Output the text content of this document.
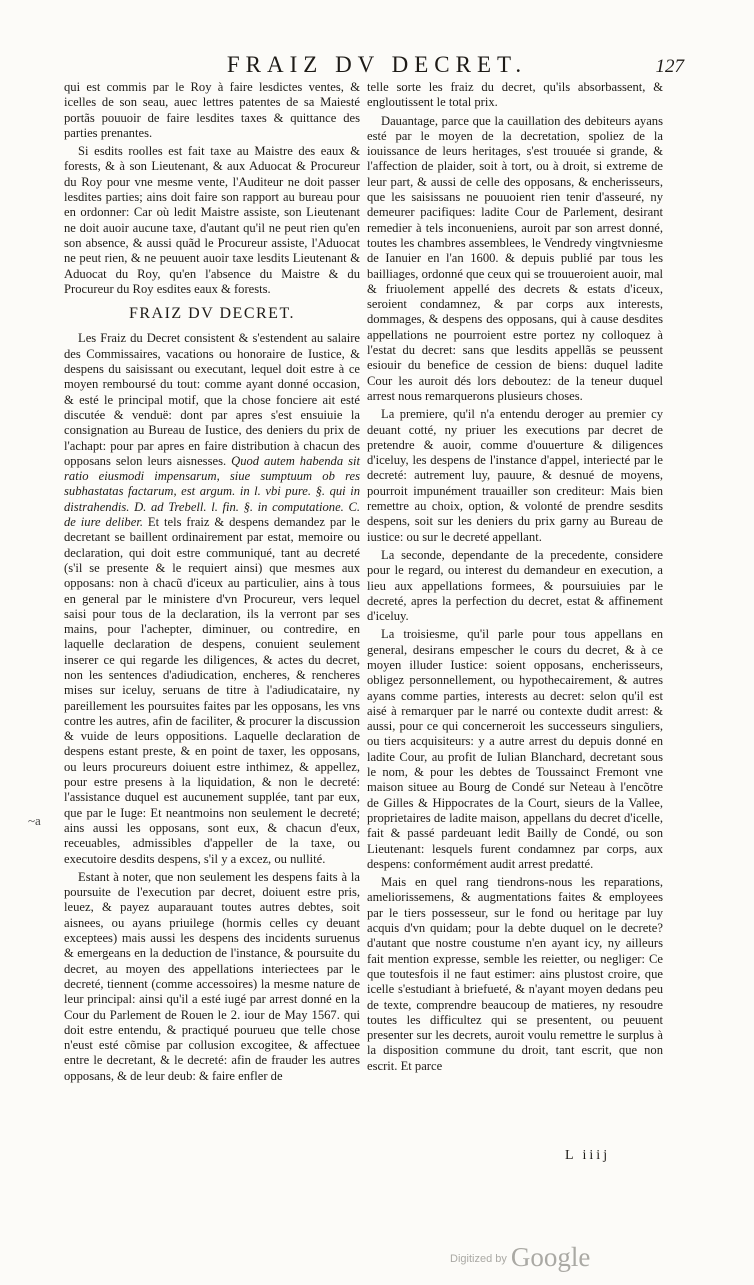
FRAIZ DV DECRET.	127

qui est commis par le Roy à faire lesdictes ventes, & icelles de son seau, auec lettres patentes de sa Maiesté portãs pouuoir de faire lesdites taxes & quittance des parties prenantes.

Si esdits roolles est fait taxe au Maistre des eaux & forests, & à son Lieutenant, & aux Aduocat & Procureur du Roy pour vne mesme vente, l'Auditeur ne doit passer lesdites parties; ains doit faire son rapport au bureau pour en ordonner: Car où ledit Maistre assiste, son Lieutenant ne doit auoir aucune taxe, d'autant qu'il ne peut rien qu'en son absence, & aussi quãd le Procureur assiste, l'Aduocat ne peut rien, & ne peuuent auoir taxe lesdits Lieutenant & Aduocat du Roy, qu'en l'absence du Maistre & du Procureur du Roy esdites eaux & forests.

FRAIZ DV DECRET.

Les Fraiz du Decret consistent & s'estendent au salaire des Commissaires, vacations ou honoraire de Iustice, & despens du saisissant ou executant, lequel doit estre à ce moyen remboursé du tout: comme ayant donné occasion, & esté le principal motif, que la chose fonciere ait esté discutée & venduë: dont par apres s'est ensuiuie la consignation au Bureau de Iustice, des deniers du prix de l'achapt: pour par apres en faire distribution à chacun des opposans selon leurs aisnesses. Quod autem habenda sit ratio eiusmodi impensarum, siue sumptuum ob res subhastatas factarum, est argum. in l. vbi pure. §. qui in distrahendis. D. ad Trebell. l. fin. §. in computatione. C. de iure deliber. Et tels fraiz & despens demandez par le decretant se baillent ordinairement par estat, memoire ou declaration, qui doit estre communiqué, tant au decreté (s'il se presente & le requiert ainsi) que mesmes aux opposans: non à chacũ d'iceux au particulier, ains à tous en general par le ministere d'vn Procureur, vers lequel saisi pour tous de la declaration, ils la verront par ses mains, pour l'achepter, diminuer, ou contredire, en laquelle declaration de despens, conuient seulement inserer ce qui regarde les diligences, & actes du decret, non les sentences d'adiudication, encheres, & rencheres mises sur iceluy, seruans de titre à l'adiudicataire, ny pareillement les poursuites faites par les opposans, les vns contre les autres, afin de faciliter, & procurer la discussion & vuide de leurs oppositions. Laquelle declaration de despens estant preste, & en point de taxer, les opposans, ou leurs procureurs doiuent estre inthimez, & appellez, pour estre presens à la liquidation, & non le decreté: l'assistance duquel est aucunement supplée, tant par eux, que par le Iuge: Et neantmoins non seulement le decreté; ains aussi les opposans, sont eux, & chacun d'eux, receuables, admissibles d'appeller de la taxe, ou executoire desdits despens, s'il y a excez, ou nullité.

Estant à noter, que non seulement les despens faits à la poursuite de l'execution par decret, doiuent estre pris, leuez, & payez auparauant toutes autres debtes, soit aisnees, ou ayans priuilege (hormis celles cy deuant exceptees) mais aussi les despens des incidents suruenus & emergeans en la deduction de l'instance, & poursuite du decret, au moyen des appellations interiectees par le decreté, tiennent (comme accessoires) la mesme nature de leur principal: ainsi qu'il a esté iugé par arrest donné en la Cour du Parlement de Rouen le 2. iour de May 1567. qui doit estre entendu, & practiqué pourueu que telle chose n'eust esté cõmise par collusion excogitee, & affectuee entre le decretant, & le decreté: afin de frauder les autres opposans, & de leur deub: & faire enfler de

telle sorte les fraiz du decret, qu'ils absorbassent, & engloutissent le total prix.

Dauantage, parce que la cauillation des debiteurs ayans esté par le moyen de la decretation, spoliez de la iouissance de leurs heritages, s'est trouuée si grande, & l'affection de plaider, soit à tort, ou à droit, si extreme de leur part, & aussi de celle des opposans, & encherisseurs, que les saisissans ne pouuoient rien tenir d'asseuré, ny demeurer pacifiques: ladite Cour de Parlement, desirant remedier à tels inconueniens, auroit par son arrest donné, toutes les chambres assemblees, le Vendredy vingtvniesme de Ianuier en l'an 1600. & depuis publié par tous les bailliages, ordonné que ceux qui se trouueroient auoir, mal & friuolement appellé des decrets & estats d'iceux, seroient condamnez, & par corps aux interests, dommages, & despens des opposans, qui à cause desdites appellations ne pourroient estre portez ny colloquez à l'estat du decret: sans que lesdits appellãs se peussent esiouir du benefice de cession de biens: duquel ladite Cour les auroit dés lors deboutez: de la teneur duquel arrest nous remarquerons plusieurs choses.

La premiere, qu'il n'a entendu deroger au premier cy deuant cotté, ny priuer les executions par decret de pretendre & auoir, comme d'ouuerture & diligences d'iceluy, les despens de l'instance d'appel, interiecté par le decreté: autrement luy, pauure, & desnué de moyens, pourroit impunément trauailler son crediteur: Mais bien remettre au choix, option, & volonté de prendre sesdits despens, soit sur les deniers du prix garny au Bureau de iustice: ou sur le decreté appellant.

La seconde, dependante de la precedente, considere pour le regard, ou interest du demandeur en execution, a lieu aux appellations formees, & poursuiuies par le decreté, apres la perfection du decret, estat & affinement d'iceluy.

La troisiesme, qu'il parle pour tous appellans en general, desirans empescher le cours du decret, & à ce moyen illuder Iustice: soient opposans, encherisseurs, obligez personnellement, ou hypothecairement, & autres ayans comme parties, interests au decret: selon qu'il est aisé à remarquer par le narré ou contexte dudit arrest: & aussi, pour ce qui concerneroit les successeurs singuliers, ou tiers acquisiteurs: y a autre arrest du depuis donné en ladite Cour, au profit de Iulian Blanchard, decretant sous le nom, & pour les debtes de Toussainct Fremont vne maison situee au Bourg de Condé sur Neteau à l'encõtre de Gilles & Hippocrates de la Court, sieurs de la Vallee, proprietaires de ladite maison, appellans du decret d'icelle, fait & passé pardeuant ledit Bailly de Condé, ou son Lieutenant: lesquels furent condamnez par corps, aux despens: conformément audit arrest predatté.

Mais en quel rang tiendrons-nous les reparations, ameliorissemens, & augmentations faites & employees par le tiers possesseur, sur le fond ou heritage par luy acquis d'vn quidam; pour la debte duquel on le decrete? d'autant que nostre coustume n'en ayant icy, ny ailleurs fait mention expresse, semble les reietter, ou negliger: Ce que toutesfois il ne faut estimer: ains plustost croire, que icelle s'estudiant à briefueté, & n'ayant moyen dedans peu de texte, comprendre beaucoup de matieres, ny resoudre toutes les difficultez qui se presentent, ou peuuent presenter sur les decrets, auroit voulu remettre le surplus à la disposition commune du droit, tant escrit, que non escrit. Et parce

~a
L iiij
$^{Digitized by}$ Google
